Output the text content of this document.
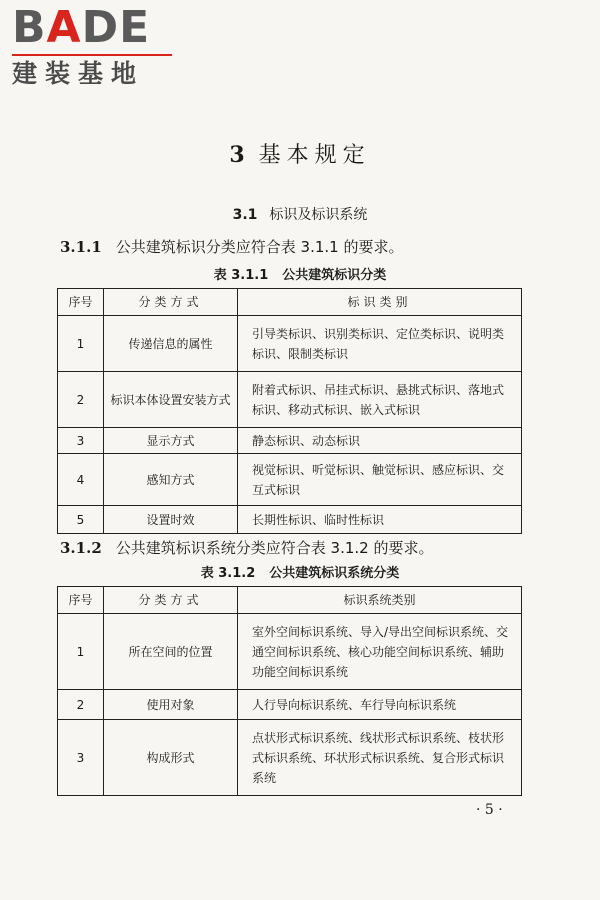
BADE
建装基地
3 基本规定
3.1 标识及标识系统
3.1.1 公共建筑标识分类应符合表 3.1.1 的要求。
表 3.1.1 公共建筑标识分类
序号	分类方式	标识类别
1	传递信息的属性	引导类标识、识别类标识、定位类标识、说明类标识、限制类标识
2	标识本体设置安装方式	附着式标识、吊挂式标识、悬挑式标识、落地式标识、移动式标识、嵌入式标识
3	显示方式	静态标识、动态标识
4	感知方式	视觉标识、听觉标识、触觉标识、感应标识、交互式标识
5	设置时效	长期性标识、临时性标识
3.1.2 公共建筑标识系统分类应符合表 3.1.2 的要求。
表 3.1.2 公共建筑标识系统分类
序号	分类方式	标识系统类别
1	所在空间的位置	室外空间标识系统、导入/导出空间标识系统、交通空间标识系统、核心功能空间标识系统、辅助功能空间标识系统
2	使用对象	人行导向标识系统、车行导向标识系统
3	构成形式	点状形式标识系统、线状形式标识系统、枝状形式标识系统、环状形式标识系统、复合形式标识系统
· 5 ·
